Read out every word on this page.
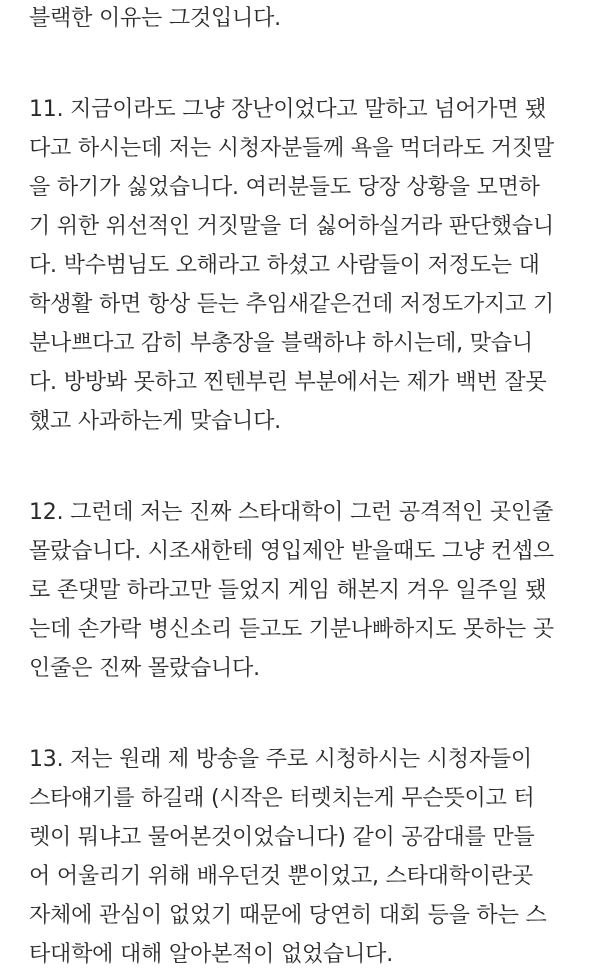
블랙한 이유는 그것입니다.
11. 지금이라도 그냥 장난이었다고 말하고 넘어가면 됐
다고 하시는데 저는 시청자분들께 욕을 먹더라도 거짓말
을 하기가 싫었습니다. 여러분들도 당장 상황을 모면하
기 위한 위선적인 거짓말을 더 싫어하실거라 판단했습니
다. 박수범님도 오해라고 하셨고 사람들이 저정도는 대
학생활 하면 항상 듣는 추임새같은건데 저정도가지고 기
분나쁘다고 감히 부총장을 블랙하냐 하시는데, 맞습니
다. 방방봐 못하고 찐텐부린 부분에서는 제가 백번 잘못
했고 사과하는게 맞습니다.
12. 그런데 저는 진짜 스타대학이 그런 공격적인 곳인줄
몰랐습니다. 시조새한테 영입제안 받을때도 그냥 컨셉으
로 존댓말 하라고만 들었지 게임 해본지 겨우 일주일 됐
는데 손가락 병신소리 듣고도 기분나빠하지도 못하는 곳
인줄은 진짜 몰랐습니다.
13. 저는 원래 제 방송을 주로 시청하시는 시청자들이
스타얘기를 하길래 (시작은 터렛치는게 무슨뜻이고 터
렛이 뭐냐고 물어본것이었습니다) 같이 공감대를 만들
어 어울리기 위해 배우던것 뿐이었고, 스타대학이란곳
자체에 관심이 없었기 때문에 당연히 대회 등을 하는 스
타대학에 대해 알아본적이 없었습니다.
